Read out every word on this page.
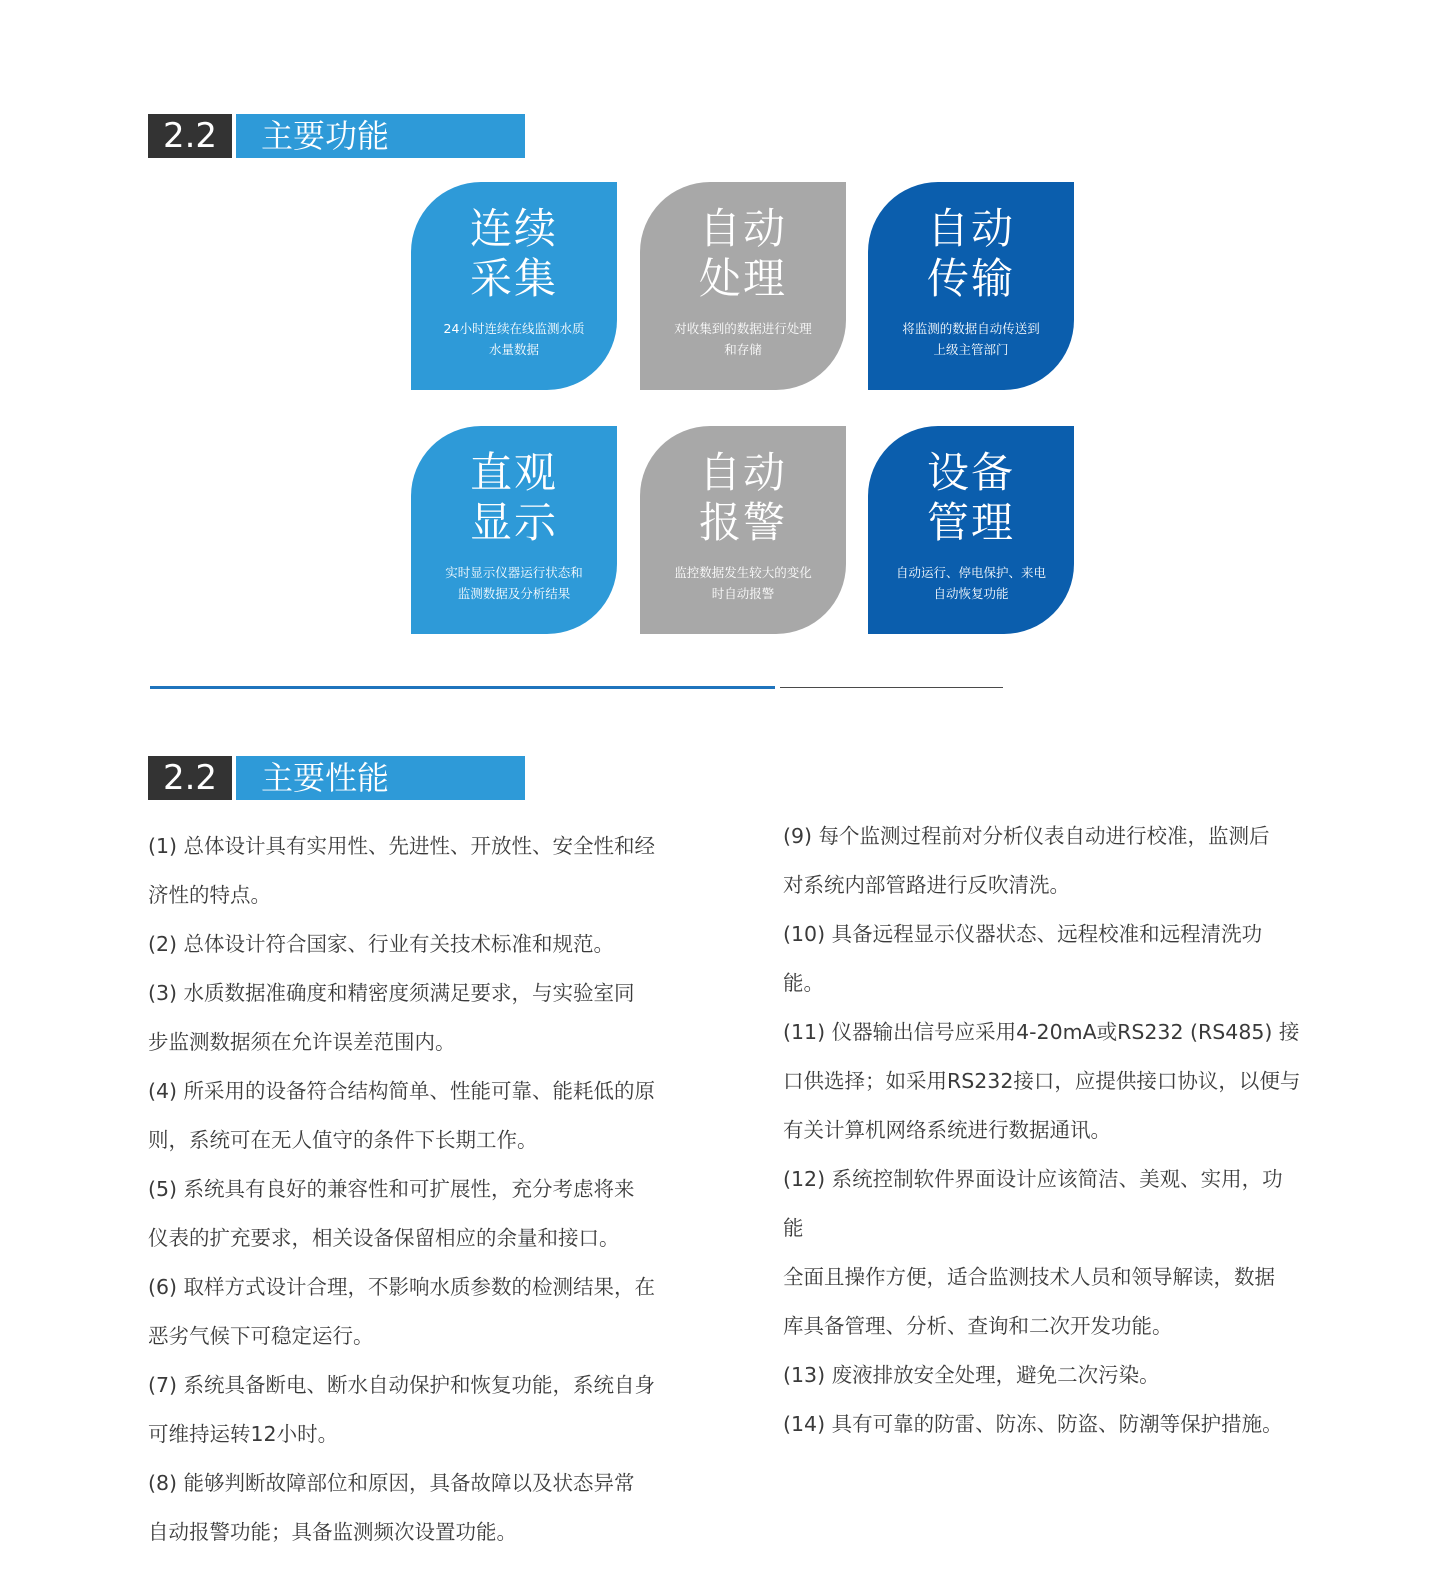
2.2	主要功能
连续
采集
24小时连续在线监测水质
水量数据
自动
处理
对收集到的数据进行处理
和存储
自动
传输
将监测的数据自动传送到
上级主管部门
直观
显示
实时显示仪器运行状态和
监测数据及分析结果
自动
报警
监控数据发生较大的变化
时自动报警
设备
管理
自动运行、停电保护、来电
自动恢复功能
2.2	主要性能

(1) 总体设计具有实用性、先进性、开放性、安全性和经

济性的特点。

(2) 总体设计符合国家、行业有关技术标准和规范。

(3) 水质数据准确度和精密度须满足要求，与实验室同

步监测数据须在允许误差范围内。

(4) 所采用的设备符合结构简单、性能可靠、能耗低的原

则，系统可在无人值守的条件下长期工作。

(5) 系统具有良好的兼容性和可扩展性，充分考虑将来

仪表的扩充要求，相关设备保留相应的余量和接口。

(6) 取样方式设计合理，不影响水质参数的检测结果，在

恶劣气候下可稳定运行。

(7) 系统具备断电、断水自动保护和恢复功能，系统自身

可维持运转12小时。

(8) 能够判断故障部位和原因，具备故障以及状态异常

自动报警功能；具备监测频次设置功能。

(9) 每个监测过程前对分析仪表自动进行校准，监测后

对系统内部管路进行反吹清洗。

(10) 具备远程显示仪器状态、远程校准和远程清洗功

能。

(11) 仪器输出信号应采用4-20mA或RS232 (RS485) 接

口供选择；如采用RS232接口，应提供接口协议，以便与

有关计算机网络系统进行数据通讯。

(12) 系统控制软件界面设计应该简洁、美观、实用，功能

全面且操作方便，适合监测技术人员和领导解读，数据

库具备管理、分析、查询和二次开发功能。

(13) 废液排放安全处理，避免二次污染。

(14) 具有可靠的防雷、防冻、防盗、防潮等保护措施。
